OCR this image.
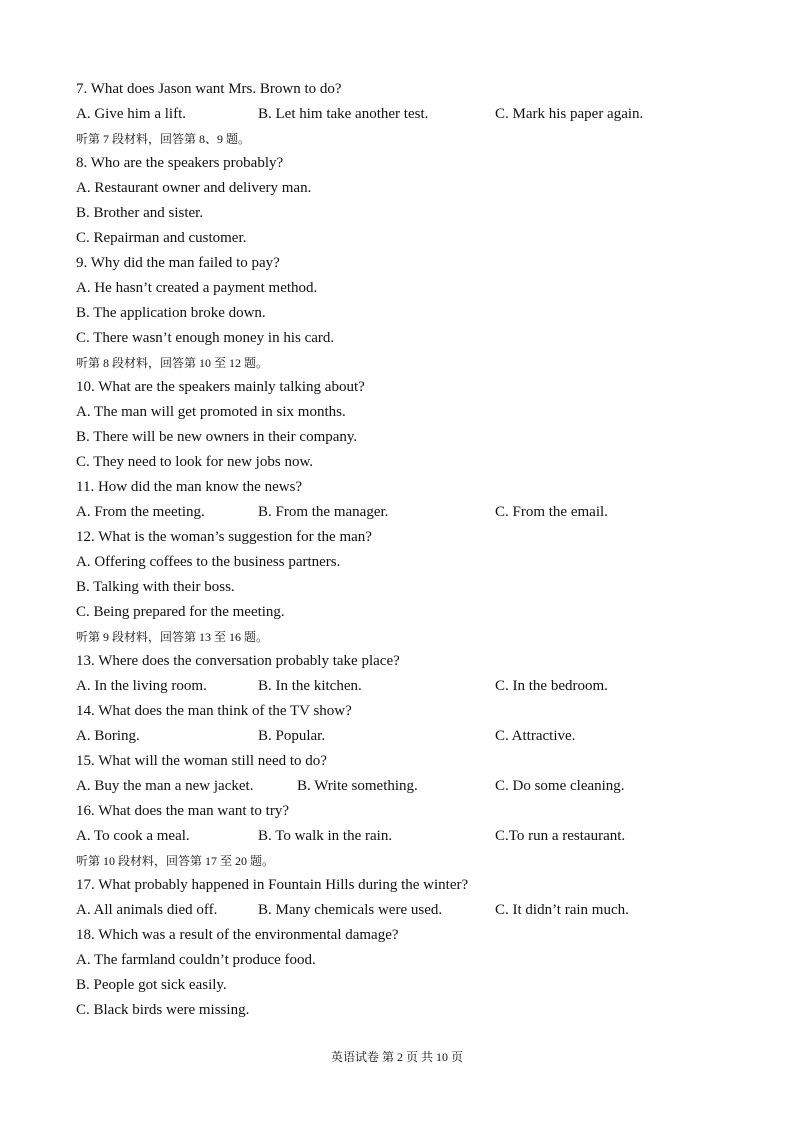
7. What does Jason want Mrs. Brown to do?
A. Give him a lift.	B. Let him take another test.	C. Mark his paper again.
听第 7 段材料，回答第 8、9 题。
8. Who are the speakers probably?
A. Restaurant owner and delivery man.
B. Brother and sister.
C. Repairman and customer.
9. Why did the man failed to pay?
A. He hasn’t created a payment method.
B. The application broke down.
C. There wasn’t enough money in his card.
听第 8 段材料，回答第 10 至 12 题。
10. What are the speakers mainly talking about?
A. The man will get promoted in six months.
B. There will be new owners in their company.
C. They need to look for new jobs now.
11. How did the man know the news?
A. From the meeting.	B. From the manager.	C. From the email.
12. What is the woman’s suggestion for the man?
A. Offering coffees to the business partners.
B. Talking with their boss.
C. Being prepared for the meeting.
听第 9 段材料，回答第 13 至 16 题。
13. Where does the conversation probably take place?
A. In the living room.	B. In the kitchen.	C. In the bedroom.
14. What does the man think of the TV show?
A. Boring.	B. Popular.	C. Attractive.
15. What will the woman still need to do?
A. Buy the man a new jacket.	B. Write something.	C. Do some cleaning.
16. What does the man want to try?
A. To cook a meal.	B. To walk in the rain.	C.To run a restaurant.
听第 10 段材料，回答第 17 至 20 题。
17. What probably happened in Fountain Hills during the winter?
A. All animals died off.	B. Many chemicals were used.	C. It didn’t rain much.
18. Which was a result of the environmental damage?
A. The farmland couldn’t produce food.
B. People got sick easily.
C. Black birds were missing.
英语试卷 第 2 页 共 10 页
